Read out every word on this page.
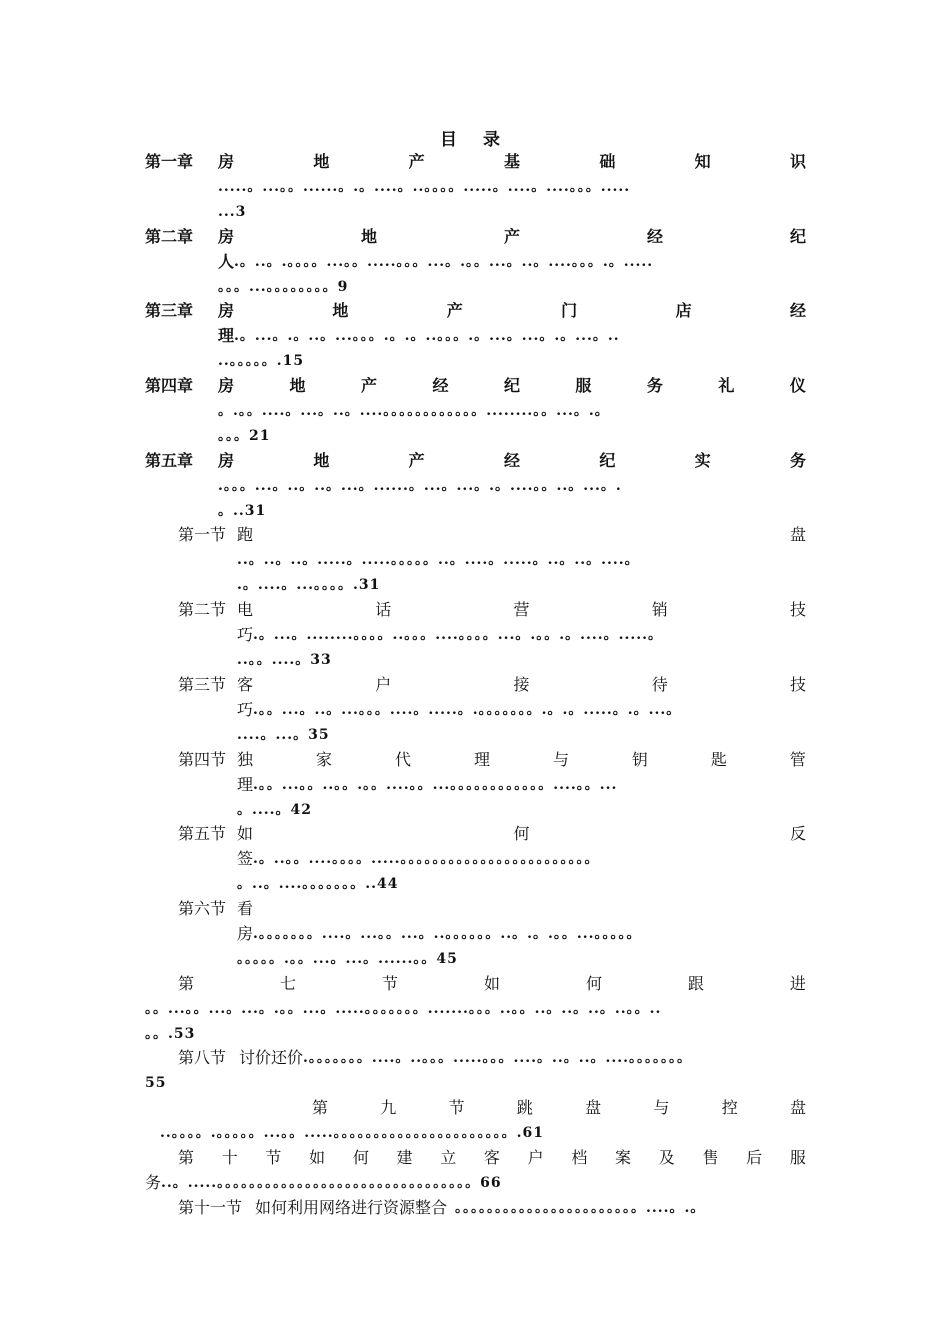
目 录
第一章 房	地	产	基	础	知	识
.....。...。。......。.。....。..。。。。.....。....。....。。。.....
...3
第二章 房	地	产	经	纪
人 .。..。.。。。。...。。.....。。。...。.。。...。..。....。。。.。.....
。。。...。。。。。。。。9
第三章 房	地	产	门	店	经
理 .。...。.。..。...。。。.。.。..。。。.。...。...。.。...。..
..。。。。。.15
第四章 房	地	产	经	纪	服	务	礼	仪
。.。。....。...。..。....。。。。。。。。。。。。........。。...。.。
。。。21
第五章 房	地	产	经	纪	实	务
.。。。...。..。..。...。......。...。...。.。....。。..。...。.
。..31
第一节 跑	盘
..。..。..。.....。.....。。。。。..。....。.....。..。..。....。
.。....。...。。。。.31
第二节 电	话	营	销	技
巧 .。...。........。。。。..。。。....。。。。...。.。。.。....。.....。
..。。....。33
第三节 客	户	接	待	技
巧 .。。...。..。...。。。....。.....。.。。。。。。。.。.。.....。.。...。
....。...。35
第四节 独	家	代	理	与	钥	匙	管
理 .。。...。。..。。.。。....。。...。。。。。。。。。。。。....。。...
。....。42
第五节 如	何	反
签 .。..。。....。。。。.....。。。。。。。。。。。。。。。。。。。。。。。。
。..。....。。。。。。。..44
第六节 看
房 .。。。。。。。....。...。。...。..。。。。。。..。.。.。。...。。。。。
。。。。。.。。...。...。......。。45
第	七	节	如	何	跟	进
。。...。。...。...。.。。...。.....。。。。。。。.......。。。..。。..。..。..。..。。..
。。.53
第八节 讨价还价 .。。。。。。。....。..。。。.....。。。....。..。..。....。。。。。。。
55
第	九	节	跳	盘	与	控	盘
..。。。。.。。。。。...。。.....。。。。。。。。。。。。。。。。。。。。。。.61
第 十 节 如 何 建 立 客 户 档 案 及 售 后 服
务 ..。.....。。。。。。。。。。。。。。。。。。。。。。。。。。。。。。。。66
第十一节 如何利用网络进行资源整合 。。。。。。。。。。。。。。。。。。。。。。。....。.。
